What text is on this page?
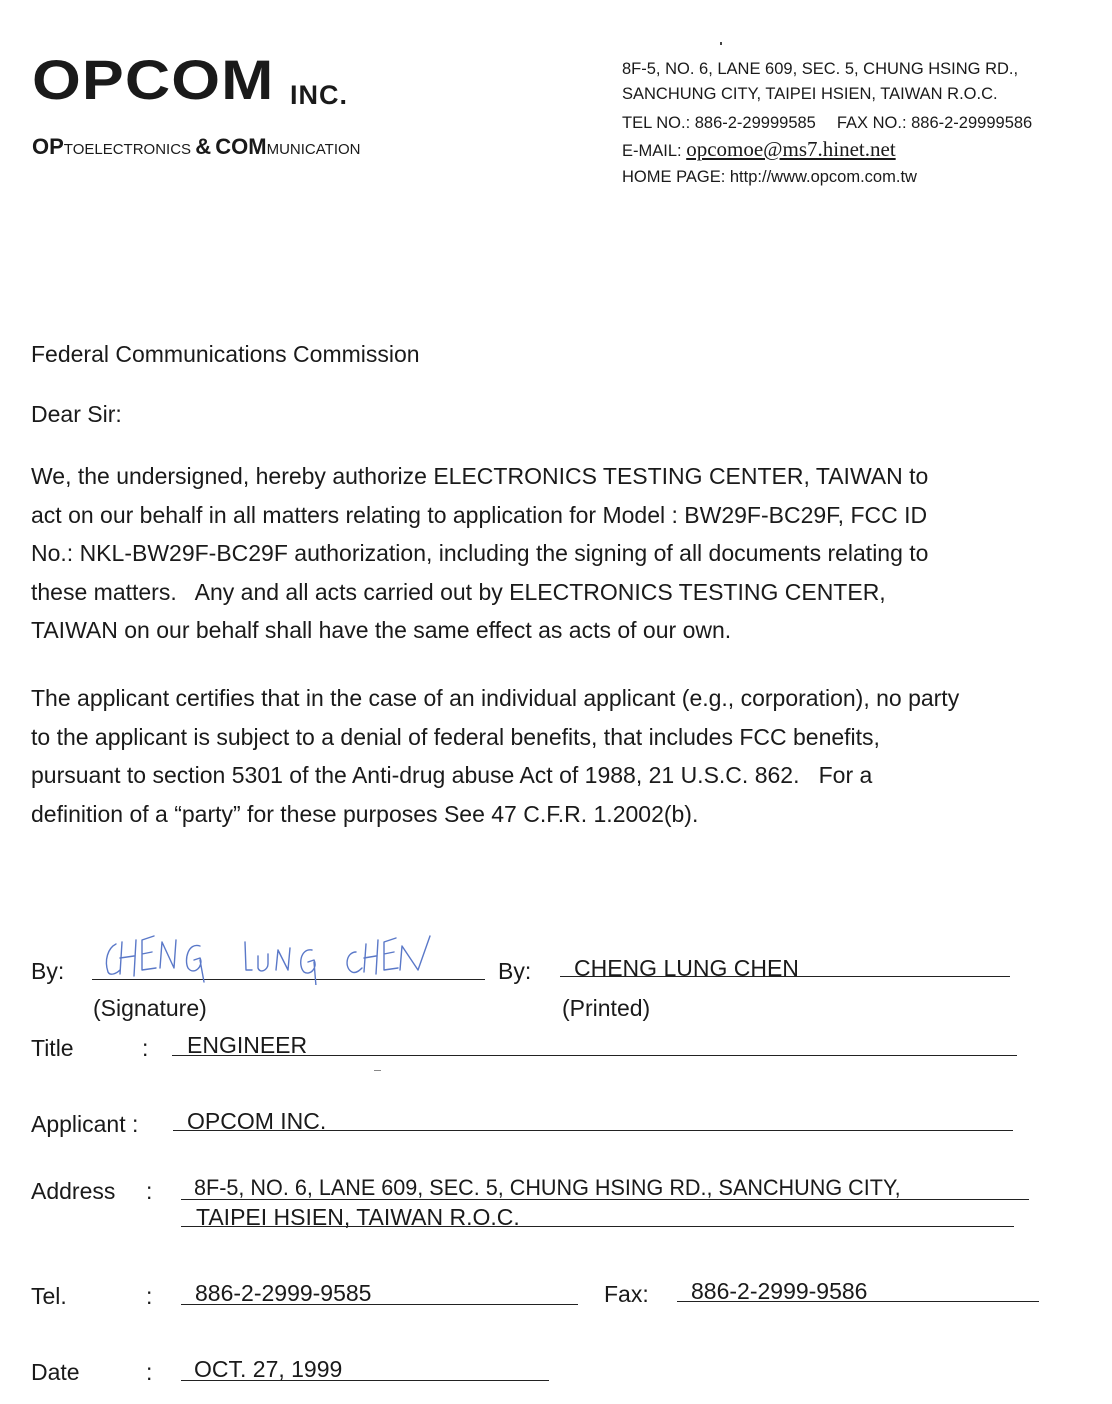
OPCOM INC.
OPTOELECTRONICS & COMMUNICATION
8F-5, NO. 6, LANE 609, SEC. 5, CHUNG HSING RD.,
SANCHUNG CITY, TAIPEI HSIEN, TAIWAN R.O.C.
TEL NO.: 886-2-29999585 FAX NO.: 886-2-29999586
E-MAIL: opcomoe@ms7.hinet.net
HOME PAGE: http://www.opcom.com.tw
Federal Communications Commission
Dear Sir:
We, the undersigned, hereby authorize ELECTRONICS TESTING CENTER, TAIWAN to
act on our behalf in all matters relating to application for Model : BW29F-BC29F, FCC ID
No.: NKL-BW29F-BC29F authorization, including the signing of all documents relating to
these matters.   Any and all acts carried out by ELECTRONICS TESTING CENTER,
TAIWAN on our behalf shall have the same effect as acts of our own.
The applicant certifies that in the case of an individual applicant (e.g., corporation), no party
to the applicant is subject to a denial of federal benefits, that includes FCC benefits,
pursuant to section 5301 of the Anti-drug abuse Act of 1988, 21 U.S.C. 862.   For a
definition of a “party” for these purposes See 47 C.F.R. 1.2002(b).
By:
(Signature)
By: CHENG LUNG CHEN
(Printed)
Title	: ENGINEER
Applicant : OPCOM INC.
Address : 8F-5, NO. 6, LANE 609, SEC. 5, CHUNG HSING RD., SANCHUNG CITY,
TAIPEI HSIEN, TAIWAN R.O.C.
Tel.	: 886-2-2999-9585	Fax: 886-2-2999-9586
Date	: OCT. 27, 1999
